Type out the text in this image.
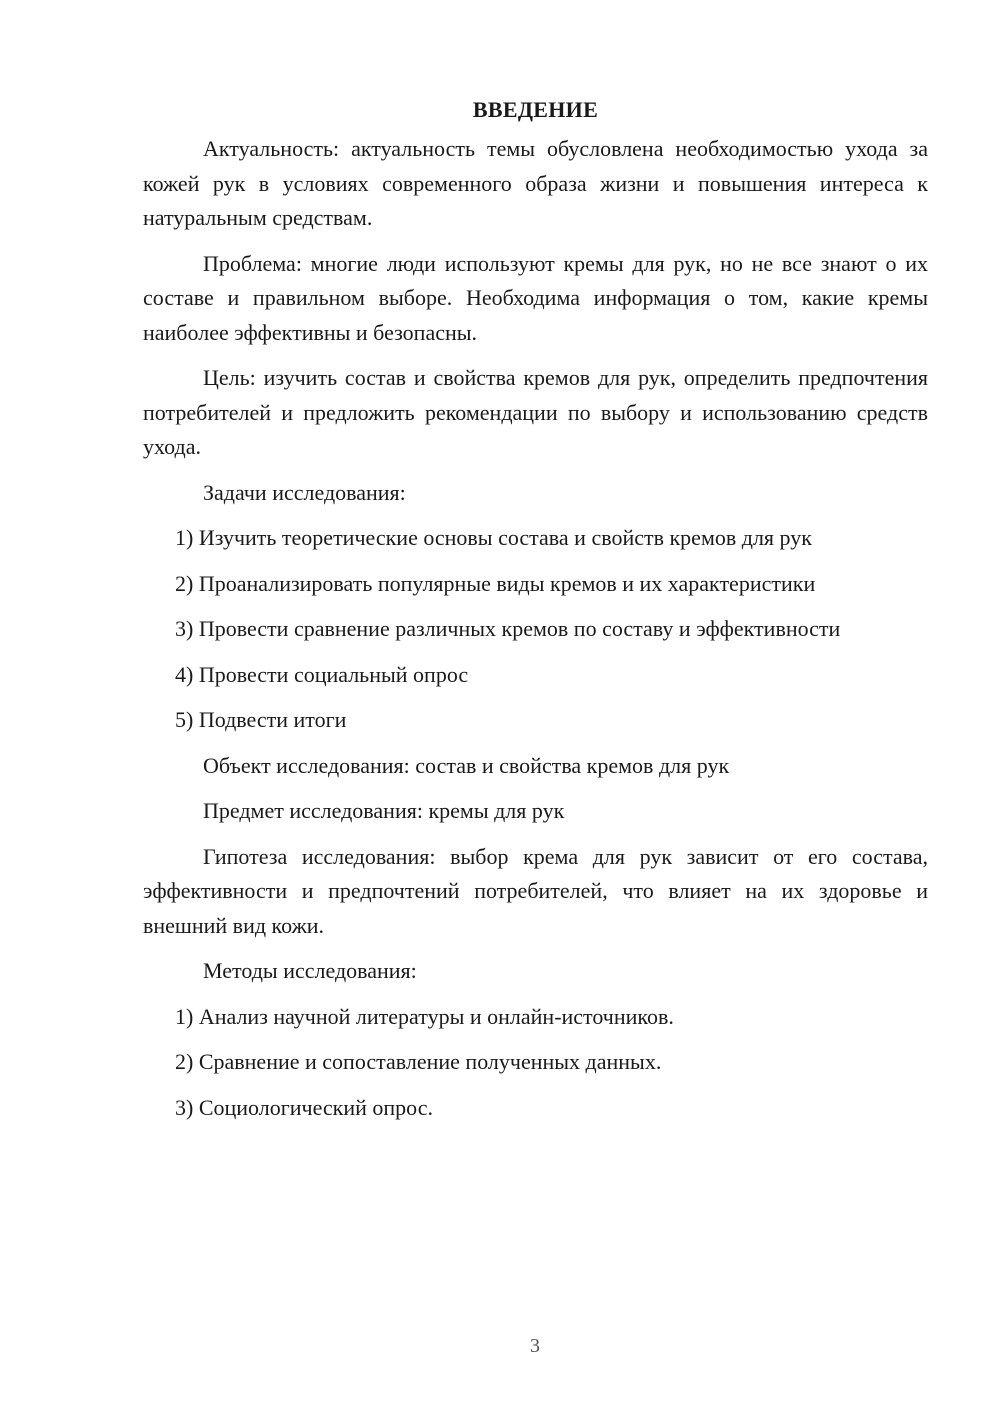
ВВЕДЕНИЕ
Актуальность: актуальность темы обусловлена необходимостью ухода за кожей рук в условиях современного образа жизни и повышения интереса к натуральным средствам.
Проблема: многие люди используют кремы для рук, но не все знают о их составе и правильном выборе. Необходима информация о том, какие кремы наиболее эффективны и безопасны.
Цель: изучить состав и свойства кремов для рук, определить предпочтения потребителей и предложить рекомендации по выбору и использованию средств ухода.
Задачи исследования:
1) Изучить теоретические основы состава и свойств кремов для рук
2) Проанализировать популярные виды кремов и их характеристики
3) Провести сравнение различных кремов по составу и эффективности
4) Провести социальный опрос
5) Подвести итоги
Объект исследования: состав и свойства кремов для рук
Предмет исследования: кремы для рук
Гипотеза исследования: выбор крема для рук зависит от его состава, эффективности и предпочтений потребителей, что влияет на их здоровье и внешний вид кожи.
Методы исследования:
1) Анализ научной литературы и онлайн-источников.
2) Сравнение и сопоставление полученных данных.
3) Социологический опрос.
3
